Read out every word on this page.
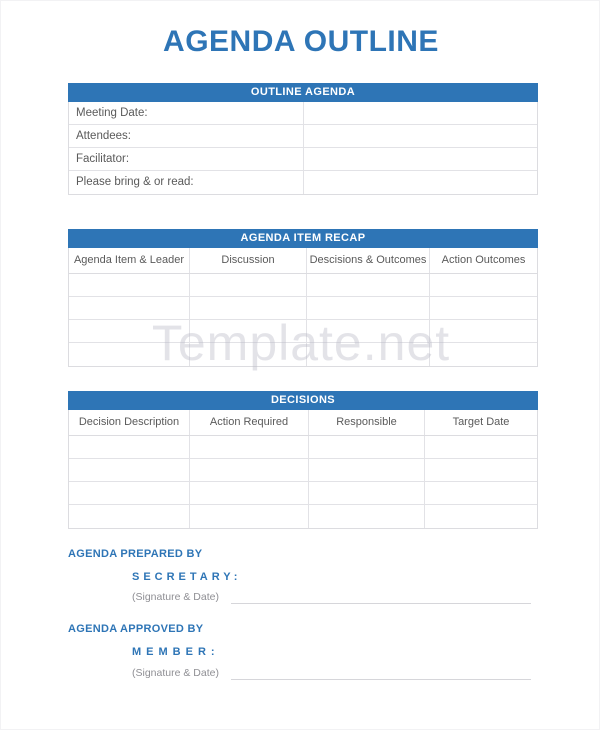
AGENDA OUTLINE
OUTLINE AGENDA
Meeting Date:
Attendees:
Facilitator:
Please bring & or read:
AGENDA ITEM RECAP
Agenda Item & Leader	Discussion	Descisions & Outcomes	Action Outcomes
Template.net
DECISIONS
Decision Description	Action Required	Responsible	Target Date
AGENDA PREPARED BY
SECRETARY:
(Signature & Date)
AGENDA APPROVED BY
MEMBER:
(Signature & Date)
